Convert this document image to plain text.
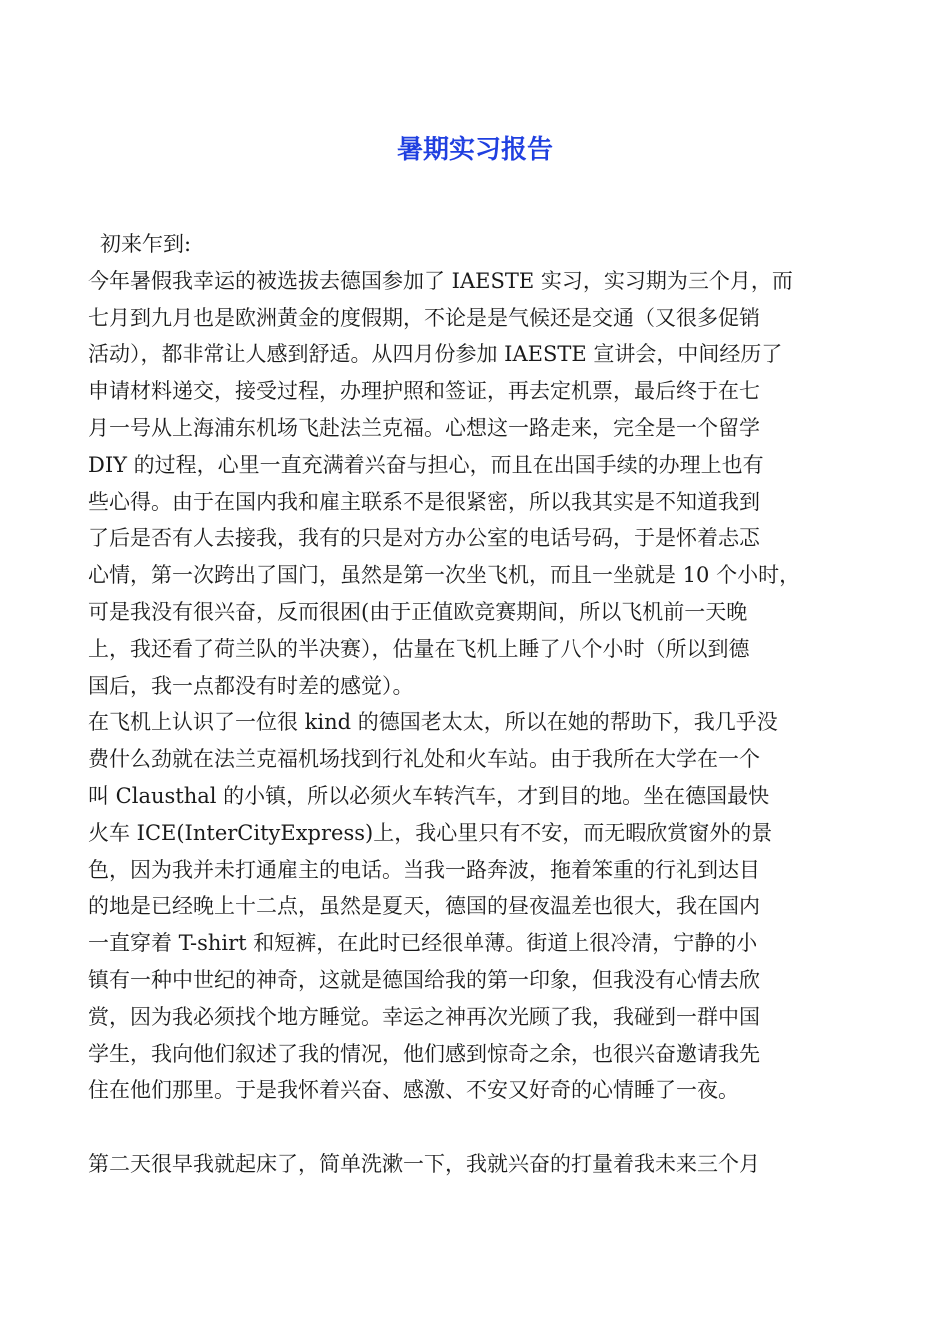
暑期实习报告
初来乍到:
今年暑假我幸运的被选拔去德国参加了 IAESTE 实习，实习期为三个月，而
七月到九月也是欧洲黄金的度假期，不论是是气候还是交通（又很多促销
活动），都非常让人感到舒适。从四月份参加 IAESTE 宣讲会，中间经历了
申请材料递交，接受过程，办理护照和签证，再去定机票，最后终于在七
月一号从上海浦东机场飞赴法兰克福。心想这一路走来，完全是一个留学
DIY 的过程，心里一直充满着兴奋与担心，而且在出国手续的办理上也有
些心得。由于在国内我和雇主联系不是很紧密，所以我其实是不知道我到
了后是否有人去接我，我有的只是对方办公室的电话号码，于是怀着忐忑
心情，第一次跨出了国门，虽然是第一次坐飞机，而且一坐就是 10 个小时，
可是我没有很兴奋，反而很困(由于正值欧竞赛期间，所以飞机前一天晚
上，我还看了荷兰队的半决赛），估量在飞机上睡了八个小时（所以到德
国后，我一点都没有时差的感觉）。
在飞机上认识了一位很 kind 的德国老太太，所以在她的帮助下，我几乎没
费什么劲就在法兰克福机场找到行礼处和火车站。由于我所在大学在一个
叫 Clausthal 的小镇，所以必须火车转汽车，才到目的地。坐在德国最快
火车 ICE(InterCityExpress)上，我心里只有不安，而无暇欣赏窗外的景
色，因为我并未打通雇主的电话。当我一路奔波，拖着笨重的行礼到达目
的地是已经晚上十二点，虽然是夏天，德国的昼夜温差也很大，我在国内
一直穿着 T-shirt 和短裤，在此时已经很单薄。街道上很冷清，宁静的小
镇有一种中世纪的神奇，这就是德国给我的第一印象，但我没有心情去欣
赏，因为我必须找个地方睡觉。幸运之神再次光顾了我，我碰到一群中国
学生，我向他们叙述了我的情况，他们感到惊奇之余，也很兴奋邀请我先
住在他们那里。于是我怀着兴奋、感激、不安又好奇的心情睡了一夜。
第二天很早我就起床了，简单洗漱一下，我就兴奋的打量着我未来三个月
